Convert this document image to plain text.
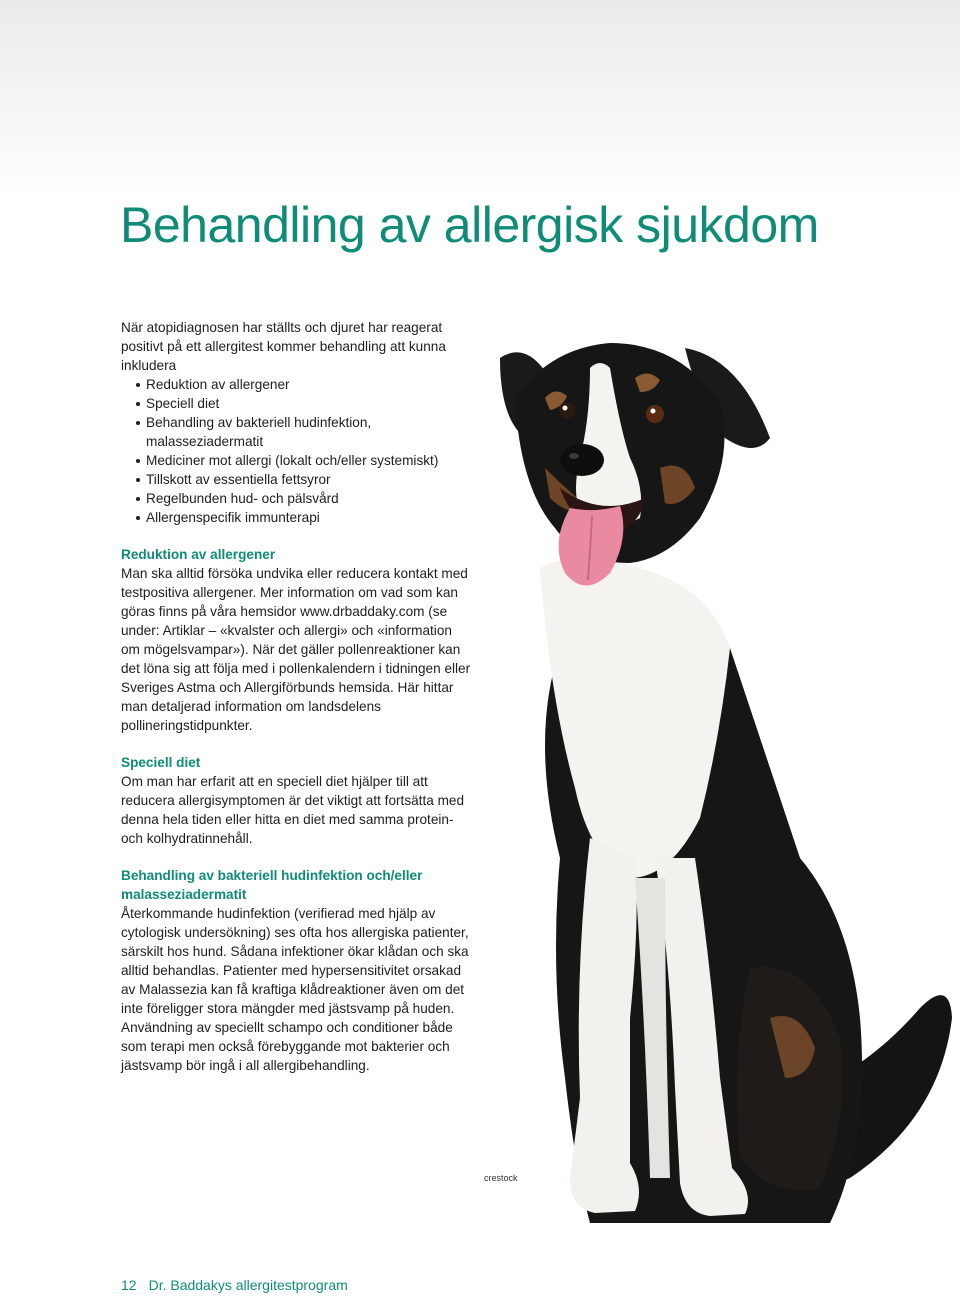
Behandling av allergisk sjukdom

När atopidiagnosen har ställts och djuret har reagerat positivt på ett allergitest kommer behandling att kunna inkludera

Reduktion av allergener
Speciell diet
Behandling av bakteriell hudinfektion, malasseziadermatit
Mediciner mot allergi (lokalt och/eller systemiskt)
Tillskott av essentiella fettsyror
Regelbunden hud- och pälsvård
Allergenspecifik immunterapi
Reduktion av allergener

Man ska alltid försöka undvika eller reducera kontakt med testpositiva allergener. Mer information om vad som kan göras finns på våra hemsidor www.drbaddaky.com (se under: Artiklar – «kvalster och allergi» och «information om mögelsvampar»). När det gäller pollenreaktioner kan det löna sig att följa med i pollenkalendern i tidningen eller Sveriges Astma och Allergiförbunds hemsida. Här hittar man detaljerad information om landsdelens pollineringstidpunkter.

Speciell diet

Om man har erfarit att en speciell diet hjälper till att reducera allergisymptomen är det viktigt att fortsätta med denna hela tiden eller hitta en diet med samma protein- och kolhydratinnehåll.

Behandling av bakteriell hudinfektion och/eller malasseziadermatit

Återkommande hudinfektion (verifierad med hjälp av cytologisk undersökning) ses ofta hos allergiska patienter, särskilt hos hund. Sådana infektioner ökar klådan och ska alltid behandlas. Patienter med hypersensitivitet orsakad av Malassezia kan få kraftiga klådreaktioner även om det inte föreligger stora mängder med jästsvamp på huden. Användning av speciellt schampo och conditioner både som terapi men också förebyggande mot bakterier och jästsvamp bör ingå i all allergibehandling.

crestock
12 Dr. Baddakys allergitestprogram
